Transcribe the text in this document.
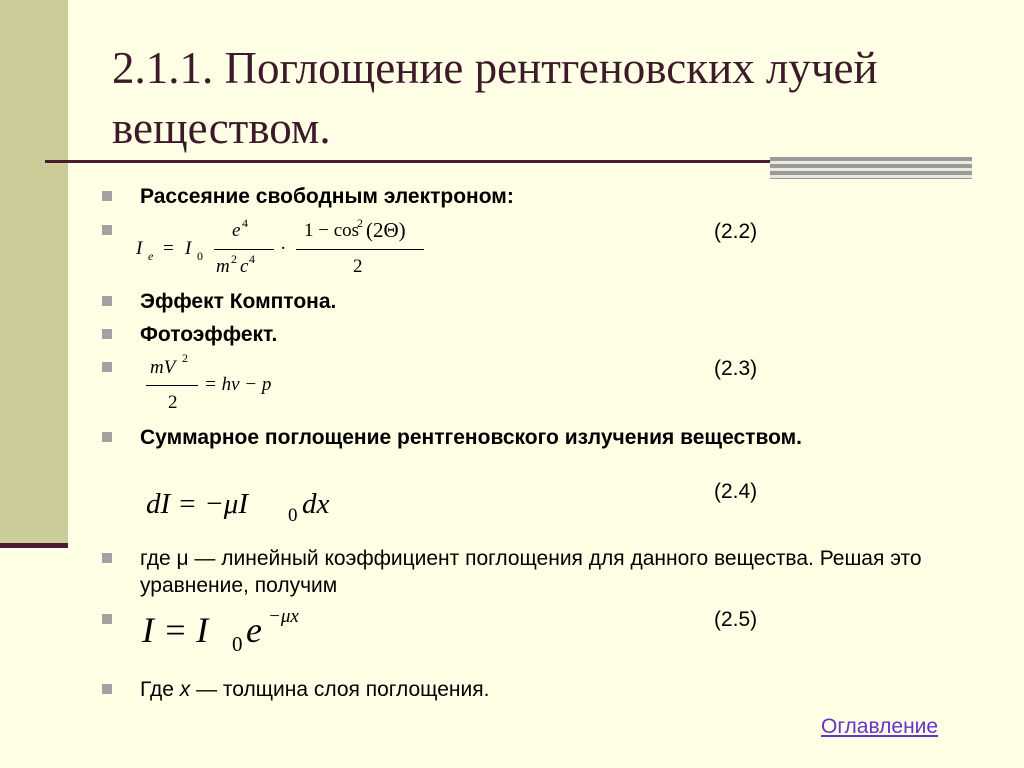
2.1.1. Поглощение рентгеновских лучей веществом.
Рассеяние свободным электроном:
I e = I 0
e 4
m 2 c 4 ·
1 − cos
2 (2Θ)
2
(2.2)
Эффект Комптона.
Фотоэффект.
mV 2
2
= hν − p
(2.3)
Суммарное поглощение рентгеновского излучения веществом.
dI = −μI 0 dx	(2.4)
где μ — линейный коэффициент поглощения для данного вещества. Решая это уравнение, получим
I = I 0 e −μx	(2.5)
Где x — толщина слоя поглощения.
Оглавление
